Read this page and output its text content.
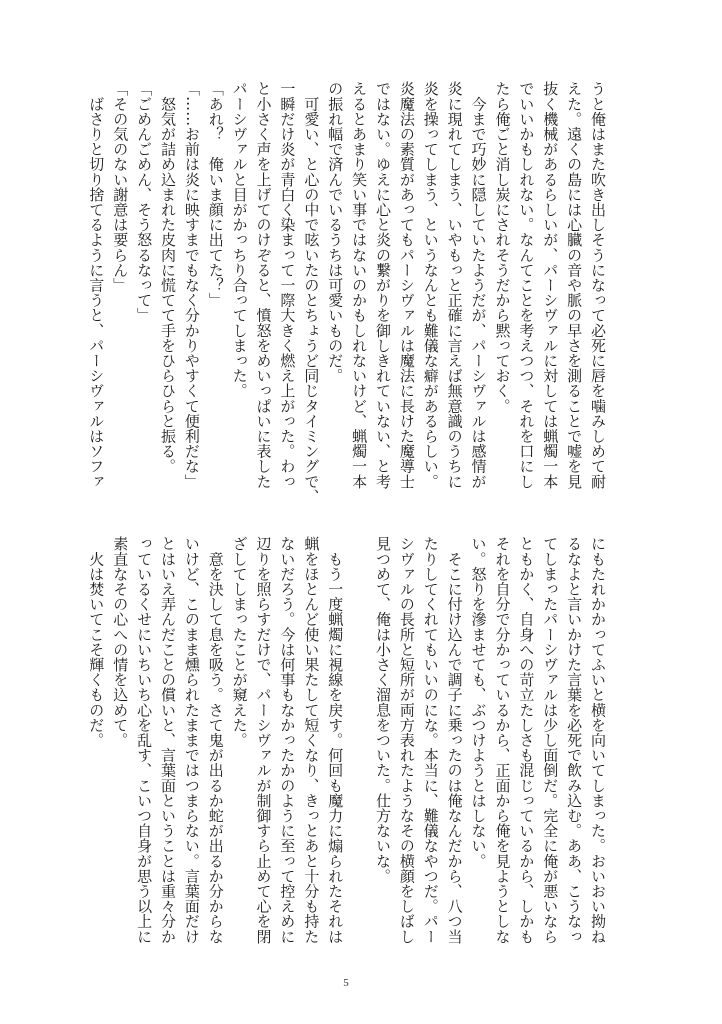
うと俺はまた吹き出しそうになって必死に唇を噛みしめて耐
えた。遠くの島には心臓の音や脈の早さを測ることで嘘を見
抜く機械があるらしいが、パーシヴァルに対しては蝋燭一本
でいいかもしれない。なんてことを考えつつ、それを口にし
たら俺ごと消し炭にされそうだから黙っておく。
　今まで巧妙に隠していたようだが、パーシヴァルは感情が
炎に現れてしまう、いやもっと正確に言えば無意識のうちに
炎を操ってしまう、というなんとも難儀な癖があるらしい。
炎魔法の素質があってもパーシヴァルは魔法に長けた魔導士
ではない。ゆえに心と炎の繋がりを御しきれていない、と考
えるとあまり笑い事ではないのかもしれないけど、蝋燭一本
の振れ幅で済んでいるうちは可愛いものだ。
　可愛い、と心の中で呟いたのとちょうど同じタイミングで、
一瞬だけ炎が青白く染まって一際大きく燃え上がった。わっ
と小さく声を上げてのけぞると、憤怒をめいっぱいに表した
パーシヴァルと目がかっちり合ってしまった。
「あれ？　俺いま顔に出てた？」
「……お前は炎に映すまでもなく分かりやすくて便利だな」
　怒気が詰め込まれた皮肉に慌てて手をひらひらと振る。
「ごめんごめん、そう怒るなって」
「その気のない謝意は要らん」
　ばさりと切り捨てるように言うと、パーシヴァルはソファ
にもたれかかってふいと横を向いてしまった。おいおい拗ね
るなよと言いかけた言葉を必死で飲み込む。ああ、こうなっ
てしまったパーシヴァルは少し面倒だ。完全に俺が悪いなら
ともかく、自身への苛立たしさも混じっているから、しかも
それを自分で分かっているから、正面から俺を見ようとしな
い。怒りを滲ませても、ぶつけようとはしない。
　そこに付け込んで調子に乗ったのは俺なんだから、八つ当
たりしてくれてもいいのにな。本当に、難儀なやつだ。パー
シヴァルの長所と短所が両方表れたようなその横顔をしばし
見つめて、俺は小さく溜息をついた。仕方ないな。
　もう一度蝋燭に視線を戻す。何回も魔力に煽られたそれは
蝋をほとんど使い果たして短くなり、きっとあと十分も持た
ないだろう。今は何事もなかったかのように至って控えめに
辺りを照らすだけで、パーシヴァルが制御すら止めて心を閉
ざしてしまったことが窺えた。
　意を決して息を吸う。さて鬼が出るか蛇が出るか分からな
いけど、このまま燻られたままではつまらない。言葉面だけ
とはいえ弄んだことの償いと、言葉面ということは重々分か
っているくせにいちいち心を乱す、こいつ自身が思う以上に
素直なその心への情を込めて。
　火は焚いてこそ輝くものだ。
5
